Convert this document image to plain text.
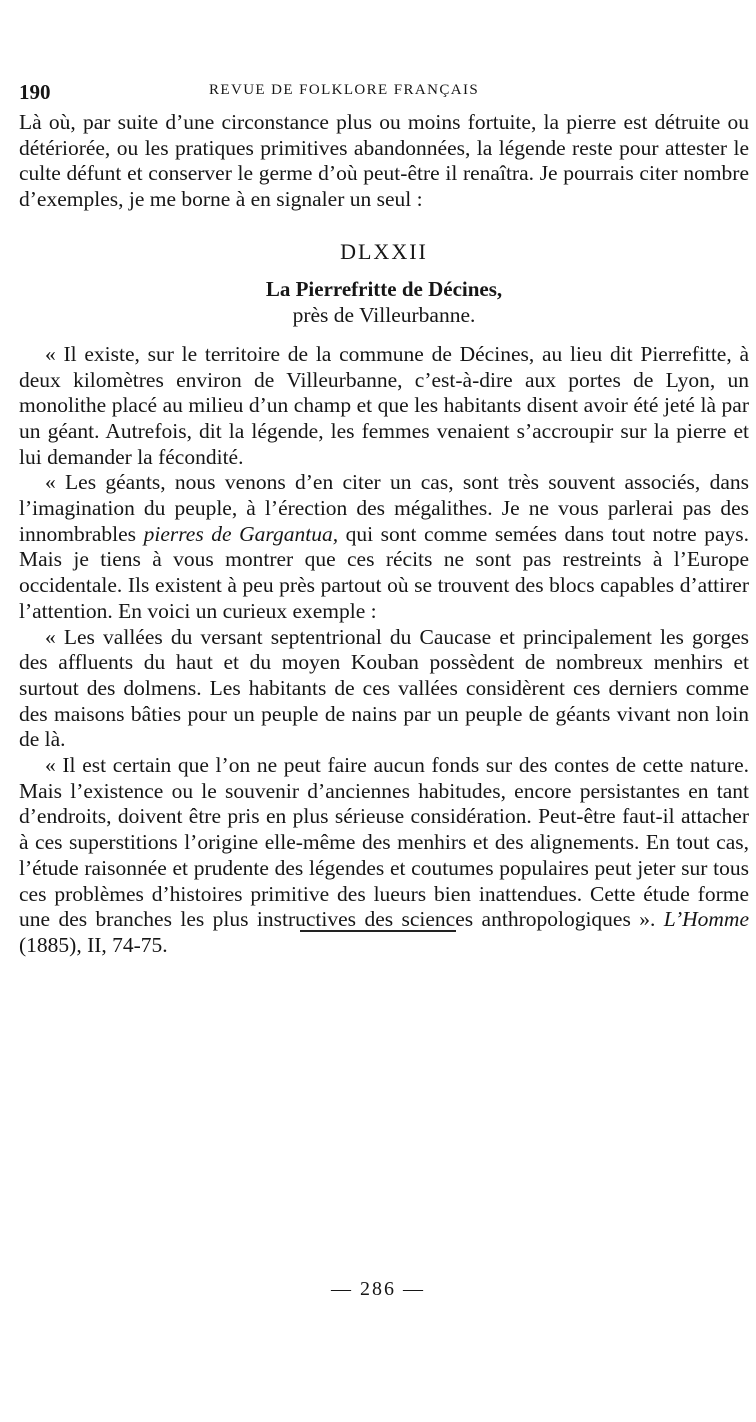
190	REVUE DE FOLKLORE FRANÇAIS

Là où, par suite d’une circonstance plus ou moins fortuite, la pierre est détruite ou détériorée, ou les pratiques primitives abandonnées, la légende reste pour attester le culte défunt et conserver le germe d’où peut-être il renaîtra. Je pourrais citer nombre d’exemples, je me borne à en signaler un seul :

DLXXII
La Pierrefritte de Décines,
près de Villeurbanne.

« Il existe, sur le territoire de la commune de Décines, au lieu dit Pierrefitte, à deux kilomètres environ de Villeurbanne, c’est-à-dire aux portes de Lyon, un monolithe placé au milieu d’un champ et que les habitants disent avoir été jeté là par un géant. Autrefois, dit la légende, les femmes venaient s’accroupir sur la pierre et lui demander la fécondité.

« Les géants, nous venons d’en citer un cas, sont très souvent associés, dans l’imagination du peuple, à l’érection des mégalithes. Je ne vous parlerai pas des innombrables pierres de Gargantua, qui sont comme semées dans tout notre pays. Mais je tiens à vous montrer que ces récits ne sont pas restreints à l’Europe occidentale. Ils existent à peu près partout où se trouvent des blocs capables d’attirer l’attention. En voici un curieux exemple :

« Les vallées du versant septentrional du Caucase et principalement les gorges des affluents du haut et du moyen Kouban possèdent de nombreux menhirs et surtout des dolmens. Les habitants de ces vallées considèrent ces derniers comme des maisons bâties pour un peuple de nains par un peuple de géants vivant non loin de là.

« Il est certain que l’on ne peut faire aucun fonds sur des contes de cette nature. Mais l’existence ou le souvenir d’anciennes habitudes, encore persistantes en tant d’endroits, doivent être pris en plus sérieuse considération. Peut-être faut-il attacher à ces superstitions l’origine elle-même des menhirs et des alignements. En tout cas, l’étude raisonnée et prudente des légendes et coutumes populaires peut jeter sur tous ces problèmes d’histoires primitive des lueurs bien inattendues. Cette étude forme une des branches les plus instructives des sciences anthropologiques ». L’Homme (1885), II, 74-75.

— 286 —
